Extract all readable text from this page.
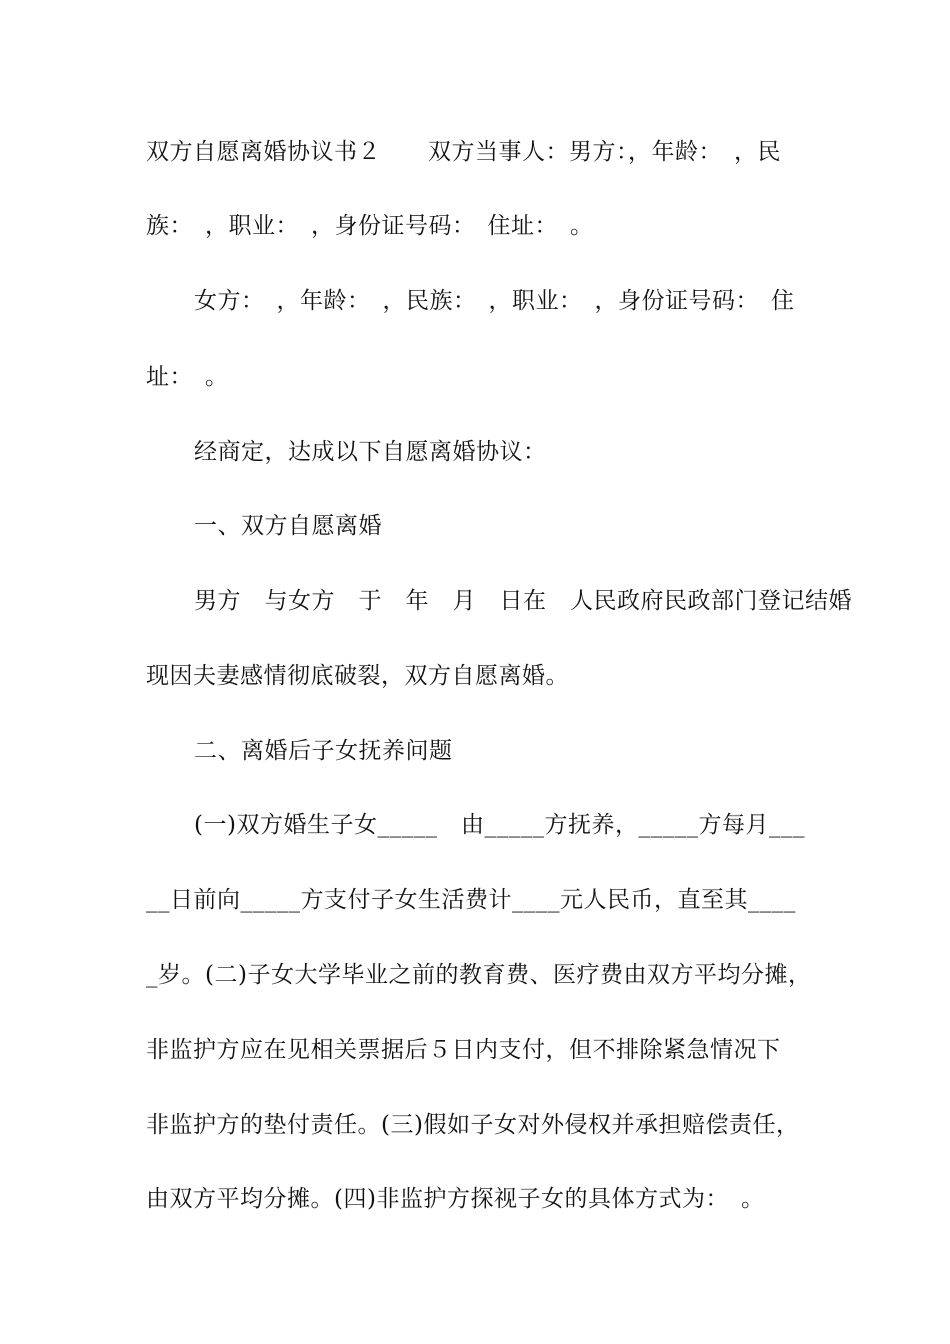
双方自愿离婚协议书２　　双方当事人：男方：，年龄：　，民
族：　，职业：　，身份证号码：　住址：　。
女方：　，年龄：　，民族：　，职业：　，身份证号码：　住
址：　。
经商定，达成以下自愿离婚协议：
一、双方自愿离婚
男方　与女方　于　年　月　日在　人民政府民政部门登记结婚
现因夫妻感情彻底破裂，双方自愿离婚。
二、离婚后子女抚养问题
(一)双方婚生子女_____　由_____方抚养，_____方每月___
__日前向_____方支付子女生活费计____元人民币，直至其____
_岁。(二)子女大学毕业之前的教育费、医疗费由双方平均分摊，
非监护方应在见相关票据后５日内支付，但不排除紧急情况下
非监护方的垫付责任。(三)假如子女对外侵权并承担赔偿责任，
由双方平均分摊。(四)非监护方探视子女的具体方式为：　。
